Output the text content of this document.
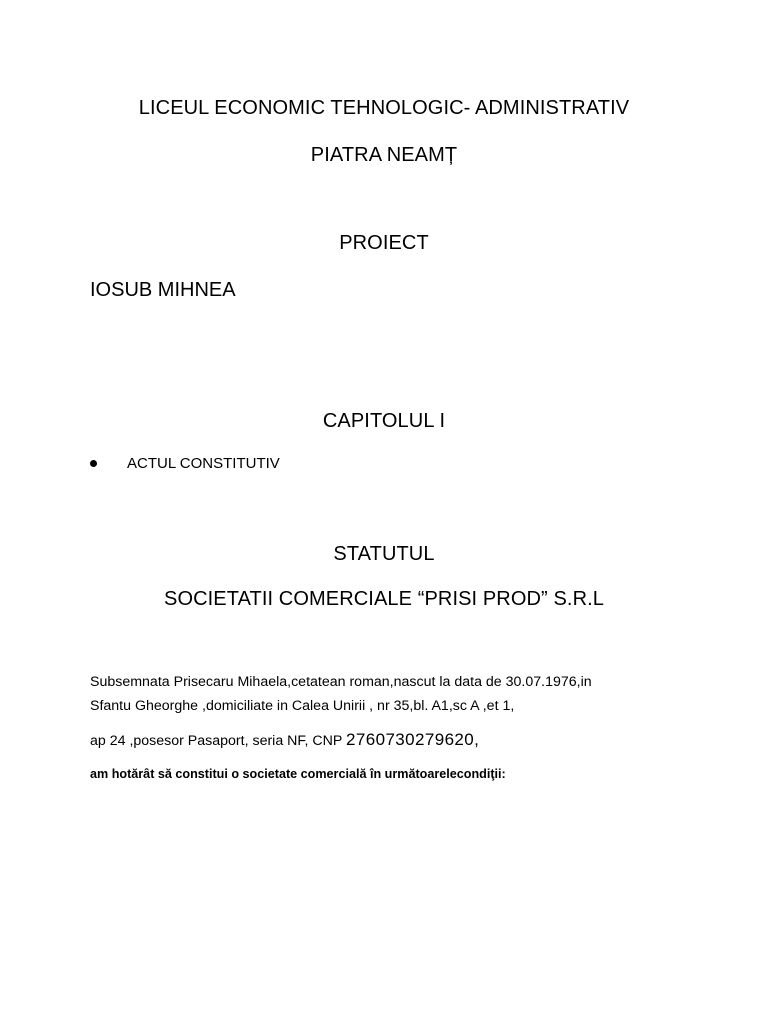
LICEUL ECONOMIC TEHNOLOGIC- ADMINISTRATIV
PIATRA NEAMȚ
PROIECT
IOSUB MIHNEA
CAPITOLUL I
ACTUL CONSTITUTIV
STATUTUL
SOCIETATII COMERCIALE “PRISI PROD” S.R.L
Subsemnata Prisecaru Mihaela,cetatean roman,nascut la data de 30.07.1976,in
Sfantu Gheorghe ,domiciliate in Calea Unirii , nr 35,bl. A1,sc A ,et 1,
ap 24 ,posesor Pasaport, seria NF, CNP 2760730279620,
am hotărât să constitui o societate comercială în următoarelecondiţii:
